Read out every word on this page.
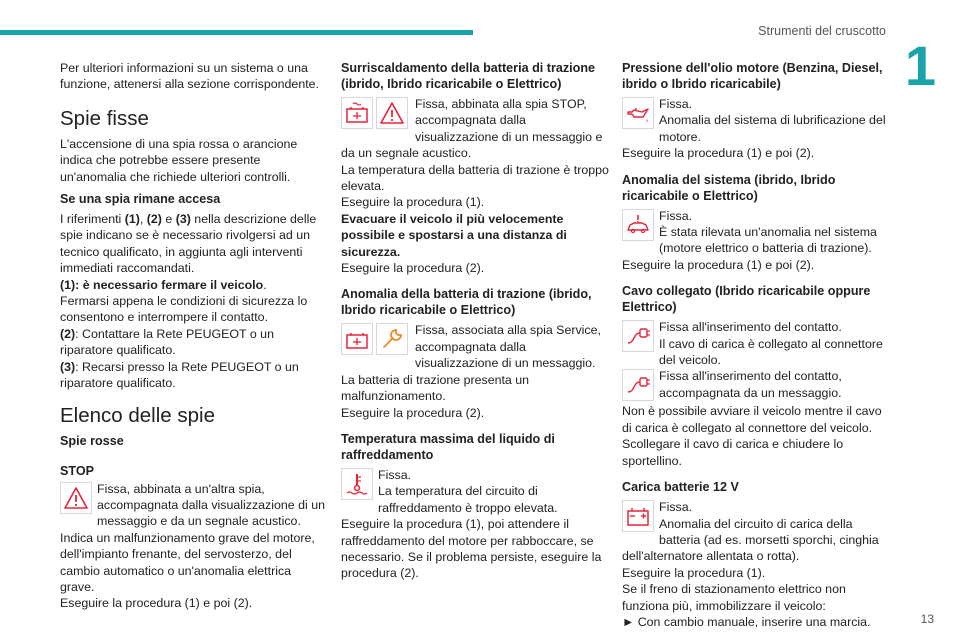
Strumenti del cruscotto
1
13

Per ulteriori informazioni su un sistema o una funzione, attenersi alla sezione corrispondente.

Spie fisse

L'accensione di una spia rossa o arancione indica che potrebbe essere presente un'anomalia che richiede ulteriori controlli.

Se una spia rimane accesa

I riferimenti (1), (2) e (3) nella descrizione delle spie indicano se è necessario rivolgersi ad un tecnico qualificato, in aggiunta agli interventi immediati raccomandati.

(1): è necessario fermare il veicolo.

Fermarsi appena le condizioni di sicurezza lo consentono e interrompere il contatto.

(2): Contattare la Rete PEUGEOT o un riparatore qualificato.

(3): Recarsi presso la Rete PEUGEOT o un riparatore qualificato.

Elenco delle spie
Spie rosse
STOP
Fissa, abbinata a un'altra spia, accompagnata dalla visualizzazione di un messaggio e da un segnale acustico.

Indica un malfunzionamento grave del motore, dell'impianto frenante, del servosterzo, del cambio automatico o un'anomalia elettrica grave.

Eseguire la procedura (1) e poi (2).

Surriscaldamento della batteria di trazione (ibrido, Ibrido ricaricabile o Elettrico)
Fissa, abbinata alla spia STOP, accompagnata dalla visualizzazione di un messaggio e da un segnale acustico.

La temperatura della batteria di trazione è troppo elevata.

Eseguire la procedura (1).

Evacuare il veicolo il più velocemente possibile e spostarsi a una distanza di sicurezza.

Eseguire la procedura (2).

Anomalia della batteria di trazione (ibrido, Ibrido ricaricabile o Elettrico)
Fissa, associata alla spia Service, accompagnata dalla visualizzazione di un messaggio.

La batteria di trazione presenta un malfunzionamento.

Eseguire la procedura (2).

Temperatura massima del liquido di raffreddamento
Fissa.
La temperatura del circuito di raffreddamento è troppo elevata.

Eseguire la procedura (1), poi attendere il raffreddamento del motore per rabboccare, se necessario. Se il problema persiste, eseguire la procedura (2).

Pressione dell'olio motore (Benzina, Diesel, ibrido o Ibrido ricaricabile)
Fissa.
Anomalia del sistema di lubrificazione del motore.

Eseguire la procedura (1) e poi (2).

Anomalia del sistema (ibrido, Ibrido ricaricabile o Elettrico)
Fissa.
È stata rilevata un'anomalia nel sistema (motore elettrico o batteria di trazione).

Eseguire la procedura (1) e poi (2).

Cavo collegato (Ibrido ricaricabile oppure Elettrico)
Fissa all'inserimento del contatto.
Il cavo di carica è collegato al connettore del veicolo.
Fissa all'inserimento del contatto, accompagnata da un messaggio.

Non è possibile avviare il veicolo mentre il cavo di carica è collegato al connettore del veicolo.

Scollegare il cavo di carica e chiudere lo sportellino.

Carica batterie 12 V
Fissa.
Anomalia del circuito di carica della batteria (ad es. morsetti sporchi, cinghia dell'alternatore allentata o rotta).

Eseguire la procedura (1).

Se il freno di stazionamento elettrico non funziona più, immobilizzare il veicolo:

► Con cambio manuale, inserire una marcia.
